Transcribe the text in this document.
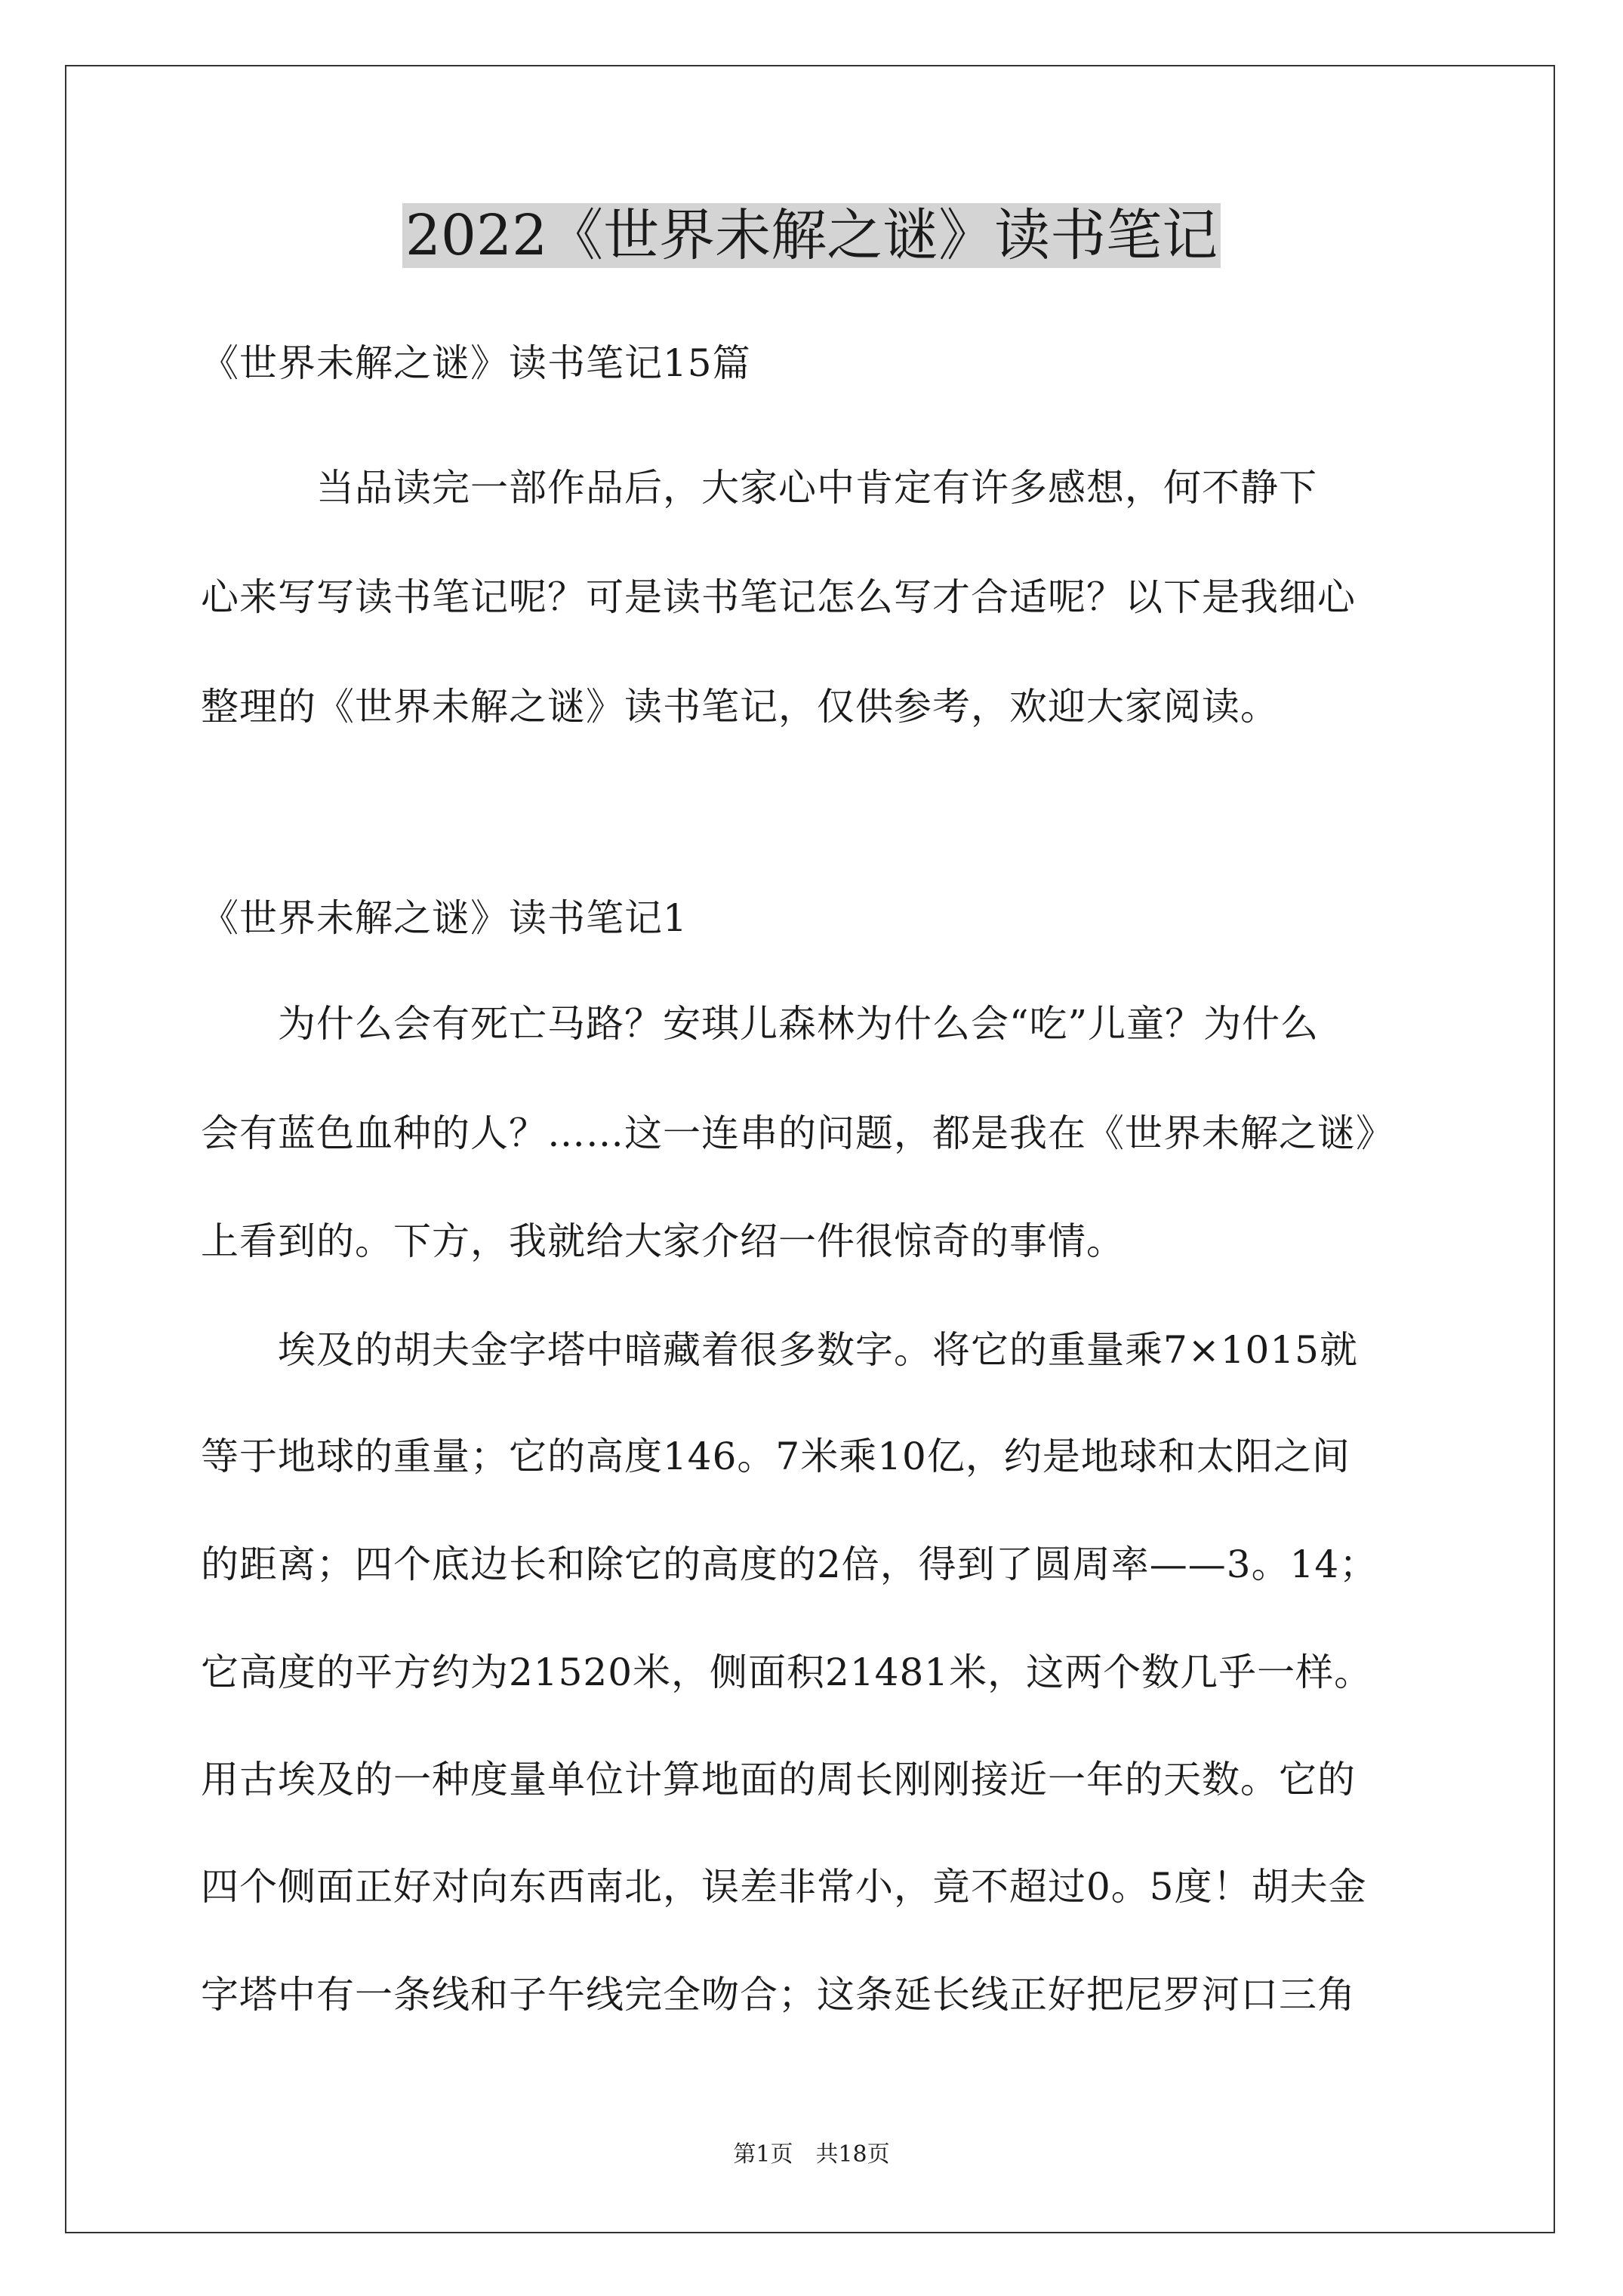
2022《世界未解之谜》读书笔记
《世界未解之谜》读书笔记15篇
　　　当品读完一部作品后，大家心中肯定有许多感想，何不静下
心来写写读书笔记呢？可是读书笔记怎么写才合适呢？以下是我细心
整理的《世界未解之谜》读书笔记，仅供参考，欢迎大家阅读。
《世界未解之谜》读书笔记1
　　为什么会有死亡马路？安琪儿森林为什么会“吃”儿童？为什么
会有蓝色血种的人？……这一连串的问题，都是我在《世界未解之谜》
上看到的。下方，我就给大家介绍一件很惊奇的事情。
　　埃及的胡夫金字塔中暗藏着很多数字。将它的重量乘7×1015就
等于地球的重量；它的高度146。7米乘10亿，约是地球和太阳之间
的距离；四个底边长和除它的高度的2倍，得到了圆周率——3。14；
它高度的平方约为21520米，侧面积21481米，这两个数几乎一样。
用古埃及的一种度量单位计算地面的周长刚刚接近一年的天数。它的
四个侧面正好对向东西南北，误差非常小，竟不超过0。5度！胡夫金
字塔中有一条线和子午线完全吻合；这条延长线正好把尼罗河口三角
第1页　共18页
